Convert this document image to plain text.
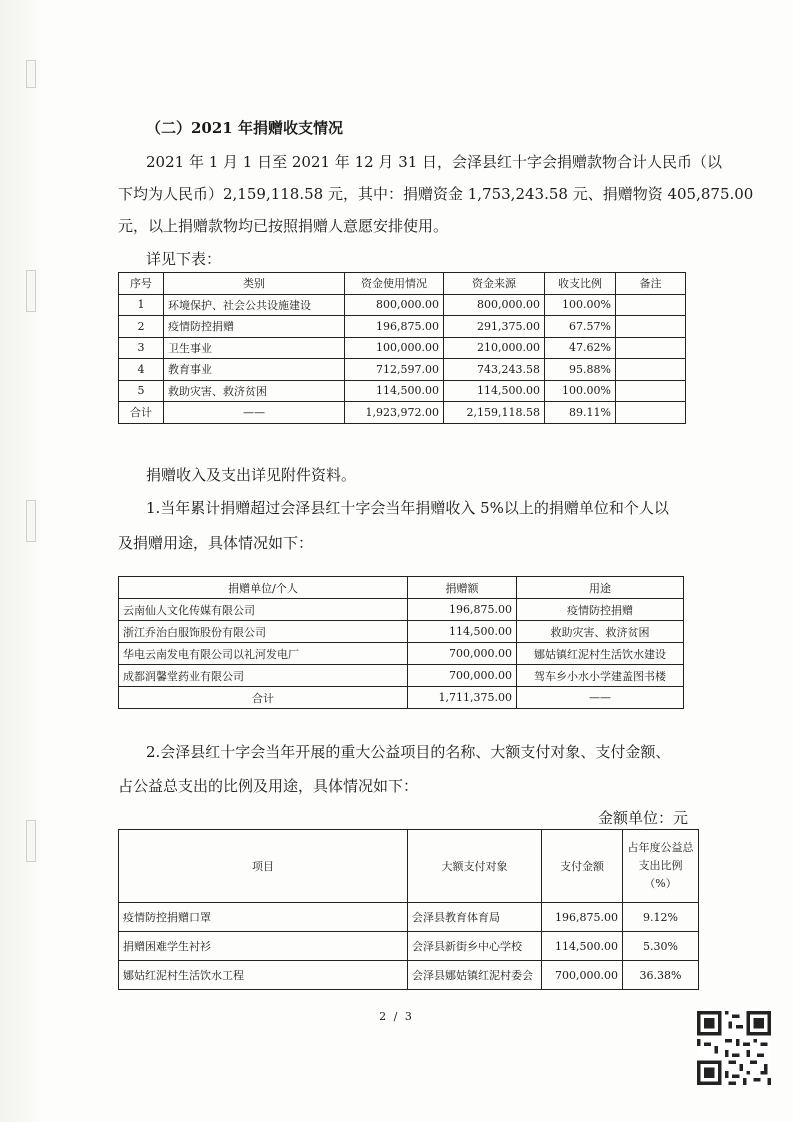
（二）2021 年捐赠收支情况
2021 年 1 月 1 日至 2021 年 12 月 31 日，会泽县红十字会捐赠款物合计人民币（以
下均为人民币）2,159,118.58 元，其中：捐赠资金 1,753,243.58 元、捐赠物资 405,875.00
元，以上捐赠款物均已按照捐赠人意愿安排使用。
详见下表：
序号	类别	资金使用情况	资金来源	收支比例	备注
1	环境保护、社会公共设施建设	800,000.00	800,000.00	100.00%	
2	疫情防控捐赠	196,875.00	291,375.00	67.57%	
3	卫生事业	100,000.00	210,000.00	47.62%	
4	教育事业	712,597.00	743,243.58	95.88%	
5	救助灾害、救济贫困	114,500.00	114,500.00	100.00%	
合计	——	1,923,972.00	2,159,118.58	89.11%	
捐赠收入及支出详见附件资料。
1.当年累计捐赠超过会泽县红十字会当年捐赠收入 5%以上的捐赠单位和个人以
及捐赠用途，具体情况如下：
捐赠单位/个人	捐赠额	用途
云南仙人文化传媒有限公司	196,875.00	疫情防控捐赠
浙江乔治白服饰股份有限公司	114,500.00	救助灾害、救济贫困
华电云南发电有限公司以礼河发电厂	700,000.00	娜姑镇红泥村生活饮水建设
成都润馨堂药业有限公司	700,000.00	驾车乡小水小学建盖图书楼
合计	1,711,375.00	——
2.会泽县红十字会当年开展的重大公益项目的名称、大额支付对象、支付金额、
占公益总支出的比例及用途，具体情况如下：
金额单位：元
项目	大额支付对象	支付金额	占年度公益总支出比例（%）
疫情防控捐赠口罩	会泽县教育体育局	196,875.00	9.12%
捐赠困难学生衬衫	会泽县新街乡中心学校	114,500.00	5.30%
娜姑红泥村生活饮水工程	会泽县娜姑镇红泥村委会	700,000.00	36.38%
2 / 3
